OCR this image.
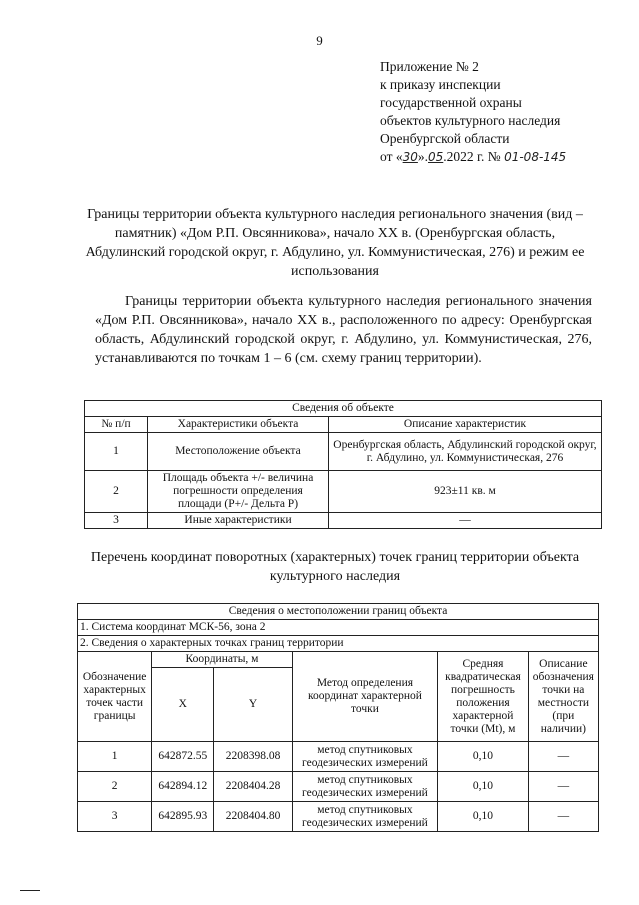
9
Приложение № 2
к приказу инспекции
государственной охраны
объектов культурного наследия
Оренбургской области
от «30».05.2022 г. № 01-08-145
Границы территории объекта культурного наследия регионального значения (вид – памятник) «Дом Р.П. Овсянникова», начало XX в. (Оренбургская область, Абдулинский городской округ, г. Абдулино, ул. Коммунистическая, 276) и режим ее использования
Границы территории объекта культурного наследия регионального значения «Дом Р.П. Овсянникова», начало XX в., расположенного по адресу: Оренбургская область, Абдулинский городской округ, г. Абдулино, ул. Коммунистическая, 276, устанавливаются по точкам 1 – 6 (см. схему границ территории).
Сведения об объекте		
№ п/п	Характеристики объекта	Описание характеристик
1	Местоположение объекта	Оренбургская область, Абдулинский городской округ, г. Абдулино, ул. Коммунистическая, 276
2	Площадь объекта +/- величина погрешности определения площади (P+/- Дельта P)	923±11 кв. м
3	Иные характеристики	—
Перечень координат поворотных (характерных) точек границ территории объекта культурного наследия
Сведения о местоположении границ объекта					
1. Система координат МСК-56, зона 2					
2. Сведения о характерных точках границ территории					
Обозначение характерных точек части границы	Координаты, м		Метод определения координат характерной точки	Средняя квадратическая погрешность положения характерной точки (Mt), м	Описание обозначения точки на местности (при наличии)
	X	Y			
1	642872.55	2208398.08	метод спутниковых геодезических измерений	0,10	—
2	642894.12	2208404.28	метод спутниковых геодезических измерений	0,10	—
3	642895.93	2208404.80	метод спутниковых геодезических измерений	0,10	—
